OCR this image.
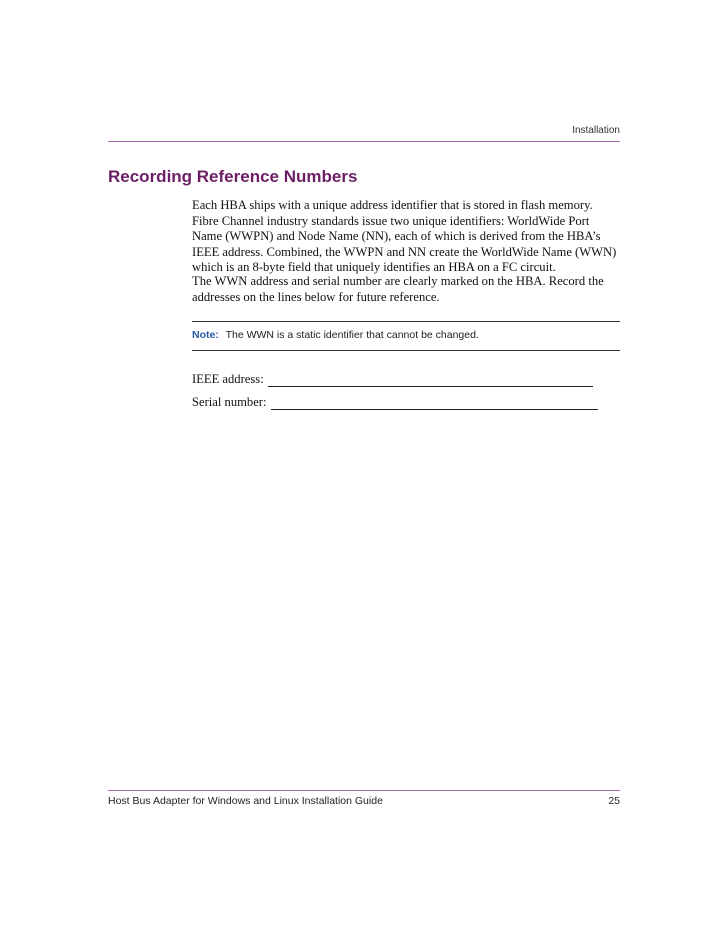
Installation
Recording Reference Numbers

Each HBA ships with a unique address identifier that is stored in flash memory. Fibre Channel industry standards issue two unique identifiers: WorldWide Port Name (WWPN) and Node Name (NN), each of which is derived from the HBA’s IEEE address. Combined, the WWPN and NN create the WorldWide Name (WWN) which is an 8-byte field that uniquely identifies an HBA on a FC circuit.

The WWN address and serial number are clearly marked on the HBA. Record the addresses on the lines below for future reference.

Note: The WWN is a static identifier that cannot be changed.
IEEE address:
Serial number:
Host Bus Adapter for Windows and Linux Installation Guide	25
